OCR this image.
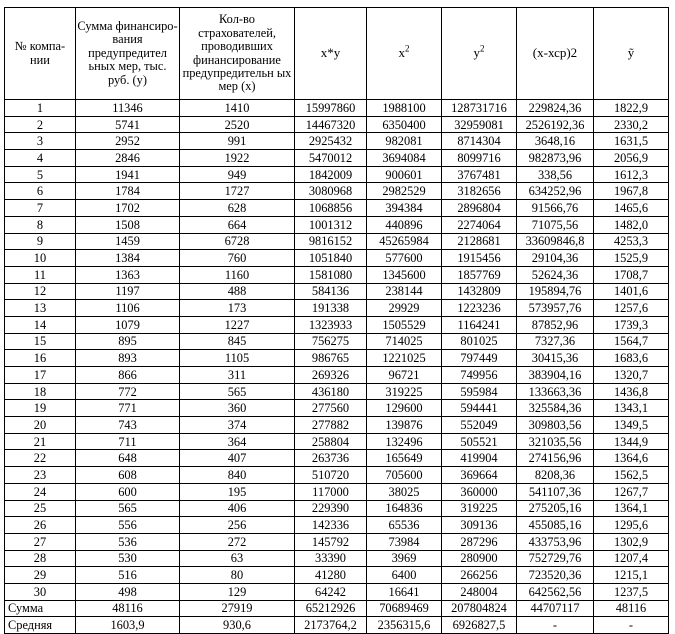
№ компа-нии	Сумма финансиро-вания предупредител ьных мер, тыс. руб. (у)	Кол-во страхователей, проводивших финансирование предупредительн ых мер (х)	х*у	$х^2$	$у^2$	(х-хср)2	ỹ
1	11346	1410	15997860	1988100	128731716	229824,36	1822,9
2	5741	2520	14467320	6350400	32959081	2526192,36	2330,2
3	2952	991	2925432	982081	8714304	3648,16	1631,5
4	2846	1922	5470012	3694084	8099716	982873,96	2056,9
5	1941	949	1842009	900601	3767481	338,56	1612,3
6	1784	1727	3080968	2982529	3182656	634252,96	1967,8
7	1702	628	1068856	394384	2896804	91566,76	1465,6
8	1508	664	1001312	440896	2274064	71075,56	1482,0
9	1459	6728	9816152	45265984	2128681	33609846,8	4253,3
10	1384	760	1051840	577600	1915456	29104,36	1525,9
11	1363	1160	1581080	1345600	1857769	52624,36	1708,7
12	1197	488	584136	238144	1432809	195894,76	1401,6
13	1106	173	191338	29929	1223236	573957,76	1257,6
14	1079	1227	1323933	1505529	1164241	87852,96	1739,3
15	895	845	756275	714025	801025	7327,36	1564,7
16	893	1105	986765	1221025	797449	30415,36	1683,6
17	866	311	269326	96721	749956	383904,16	1320,7
18	772	565	436180	319225	595984	133663,36	1436,8
19	771	360	277560	129600	594441	325584,36	1343,1
20	743	374	277882	139876	552049	309803,56	1349,5
21	711	364	258804	132496	505521	321035,56	1344,9
22	648	407	263736	165649	419904	274156,96	1364,6
23	608	840	510720	705600	369664	8208,36	1562,5
24	600	195	117000	38025	360000	541107,36	1267,7
25	565	406	229390	164836	319225	275205,16	1364,1
26	556	256	142336	65536	309136	455085,16	1295,6
27	536	272	145792	73984	287296	433753,96	1302,9
28	530	63	33390	3969	280900	752729,76	1207,4
29	516	80	41280	6400	266256	723520,36	1215,1
30	498	129	64242	16641	248004	642562,56	1237,5
Сумма	48116	27919	65212926	70689469	207804824	44707117	48116
Средняя	1603,9	930,6	2173764,2	2356315,6	6926827,5	-	-
